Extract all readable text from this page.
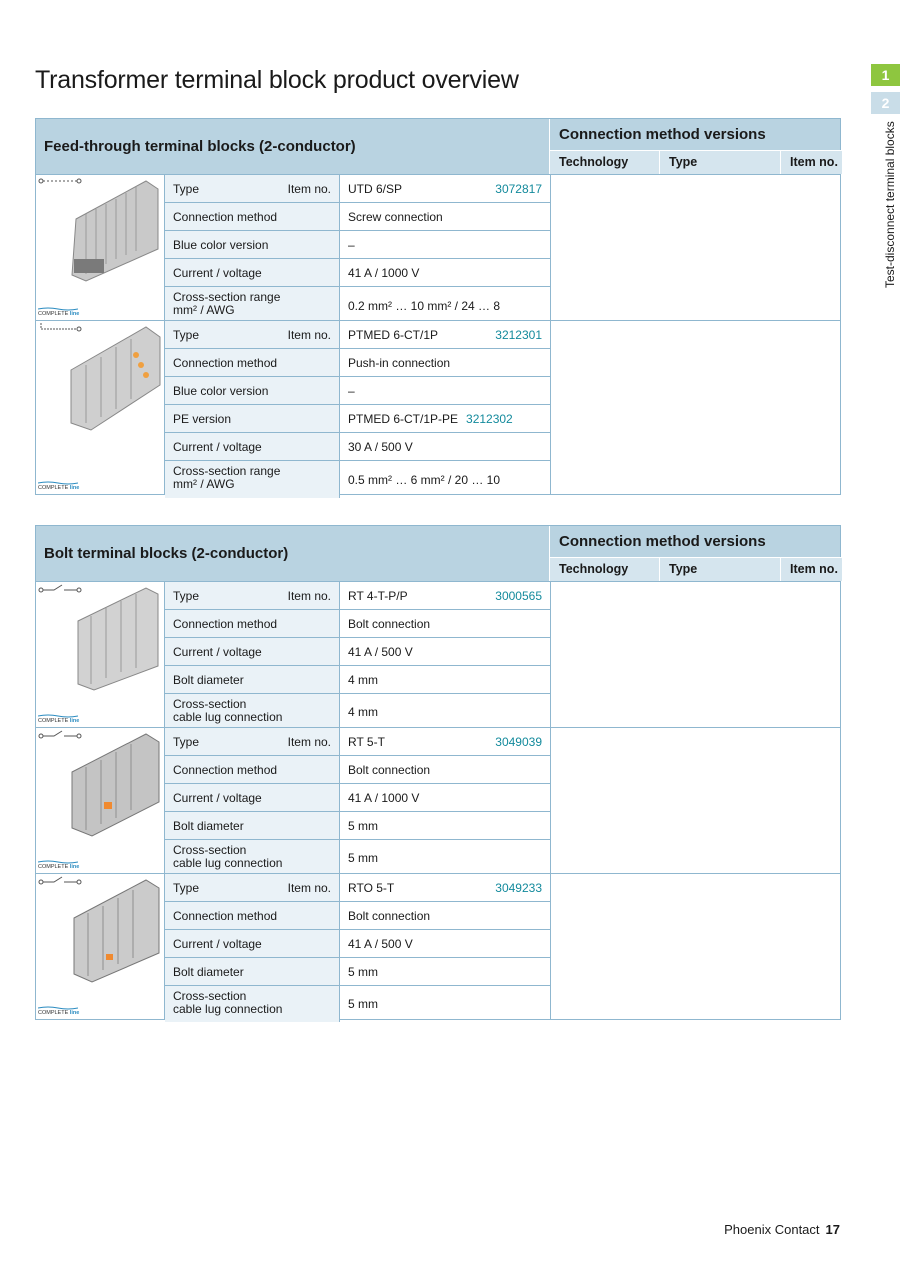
Transformer terminal block product overview	1
2
Test-disconnect terminal blocks
Feed-through terminal blocks (2-conductor)
Connection method versions
Technology	Type	Item no.
COMPLETE line
Type	Item no. UTD 6/SP	3072817
Connection method	Screw connection
Blue color version	–
Current / voltage	41 A / 1000 V
Cross-section range
mm² / AWG	0.2 mm² … 10 mm² / 24 … 8
COMPLETE line
Type	Item no. PTMED 6-CT/1P	3212301
Connection method	Push-in connection
Blue color version	–
PE version	PTMED 6-CT/1P-PE 3212302
Current / voltage	30 A / 500 V
Cross-section range
mm² / AWG	0.5 mm² … 6 mm² / 20 … 10
Bolt terminal blocks (2-conductor)
Connection method versions
Technology	Type	Item no.
COMPLETE line
Type	Item no. RT 4-T-P/P	3000565
Connection method	Bolt connection
Current / voltage	41 A / 500 V
Bolt diameter	4 mm
Cross-section
cable lug connection	4 mm
COMPLETE line
Type	Item no. RT 5-T	3049039
Connection method	Bolt connection
Current / voltage	41 A / 1000 V
Bolt diameter	5 mm
Cross-section
cable lug connection	5 mm
COMPLETE line
Type	Item no. RTO 5-T	3049233
Connection method	Bolt connection
Current / voltage	41 A / 500 V
Bolt diameter	5 mm
Cross-section
cable lug connection	5 mm
Phoenix Contact 17
